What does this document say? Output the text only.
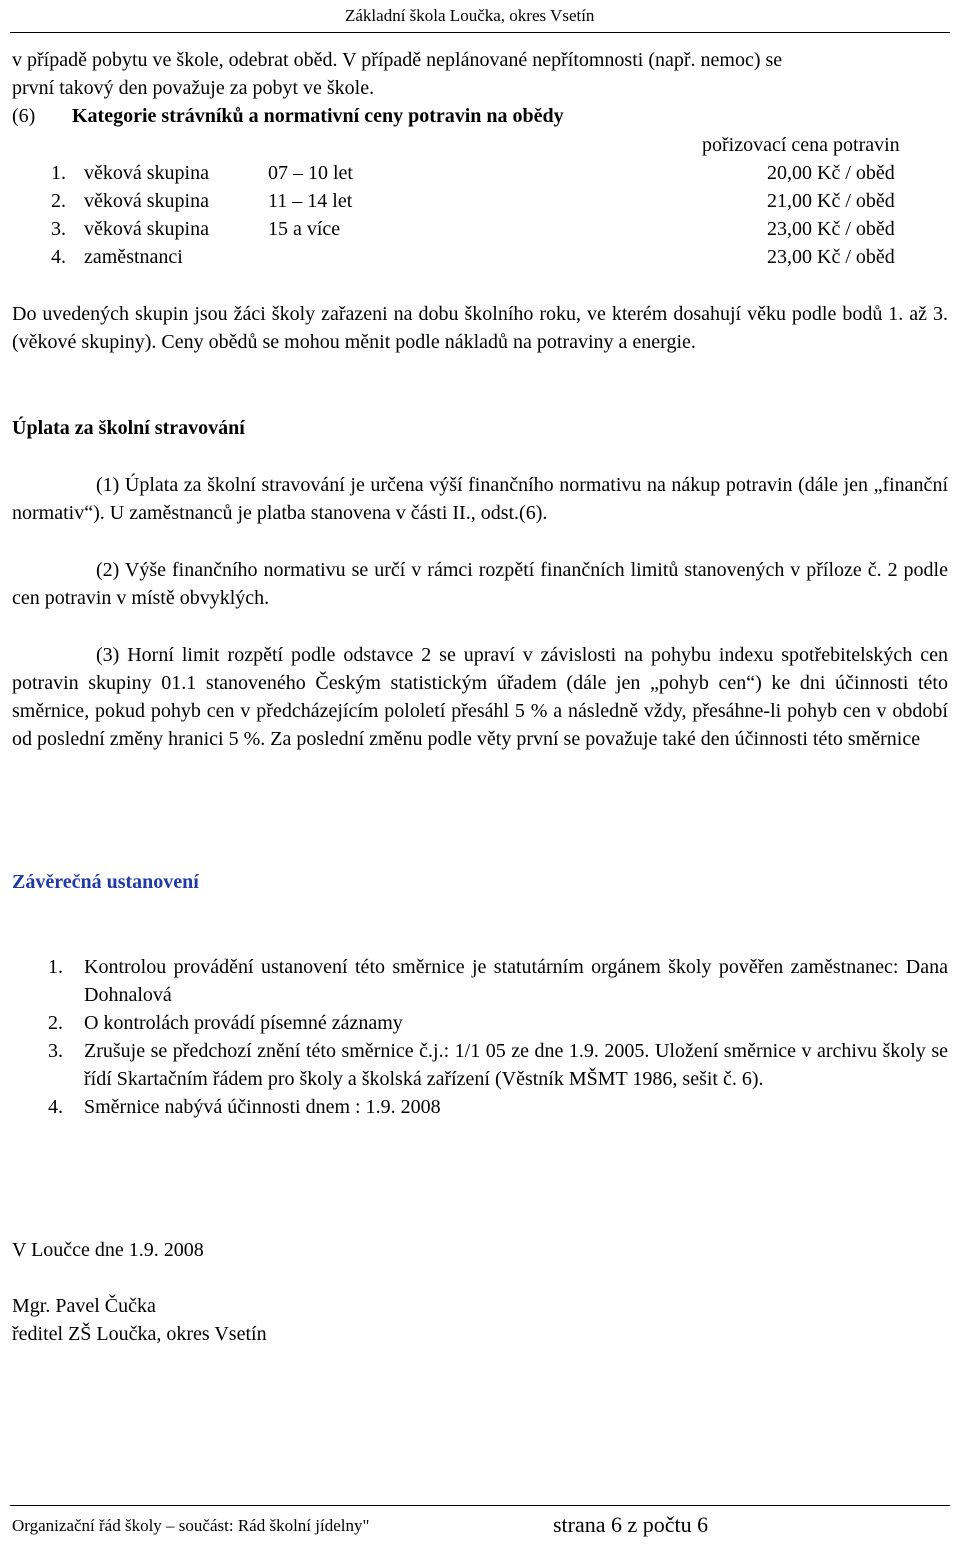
Základní škola Loučka, okres Vsetín
v případě pobytu ve škole, odebrat oběd. V případě neplánované nepřítomnosti (např. nemoc) se
první takový den považuje za pobyt ve škole.
(6) Kategorie strávníků a normativní ceny potravin na obědy
pořizovací cena potravin
1. věková skupina	07 – 10 let	20,00 Kč / oběd
2. věková skupina	11 – 14 let	21,00 Kč / oběd
3. věková skupina	15 a více	23,00 Kč / oběd
4. zaměstnanci	23,00 Kč / oběd
Do uvedených skupin jsou žáci školy zařazeni na dobu školního roku, ve kterém dosahují věku podle bodů 1. až 3. (věkové skupiny). Ceny obědů se mohou měnit podle nákladů na potraviny a energie.
Úplata za školní stravování
(1) Úplata za školní stravování je určena výší finančního normativu na nákup potravin (dále jen „finanční normativ“). U zaměstnanců je platba stanovena v části II., odst.(6).
(2) Výše finančního normativu se určí v rámci rozpětí finančních limitů stanovených v příloze č. 2 podle cen potravin v místě obvyklých.
(3) Horní limit rozpětí podle odstavce 2 se upraví v závislosti na pohybu indexu spotřebitelských cen potravin skupiny 01.1 stanoveného Českým statistickým úřadem (dále jen „pohyb cen“) ke dni účinnosti této směrnice, pokud pohyb cen v předcházejícím pololetí přesáhl 5 % a následně vždy, přesáhne-li pohyb cen v období od poslední změny hranici 5 %. Za poslední změnu podle věty první se považuje také den účinnosti této směrnice
Závěrečná ustanovení
1. Kontrolou provádění ustanovení této směrnice je statutárním orgánem školy pověřen zaměstnanec: Dana Dohnalová
2. O kontrolách provádí písemné záznamy
3. Zrušuje se předchozí znění této směrnice č.j.: 1/1 05 ze dne 1.9. 2005. Uložení směrnice v archivu školy se řídí Skartačním řádem pro školy a školská zařízení (Věstník MŠMT 1986, sešit č. 6).
4. Směrnice nabývá účinnosti dnem : 1.9. 2008
V Loučce dne 1.9. 2008
Mgr. Pavel Čučka
ředitel ZŠ Loučka, okres Vsetín
Organizační řád školy – součást: Rád školní jídelny"	strana 6 z počtu 6
